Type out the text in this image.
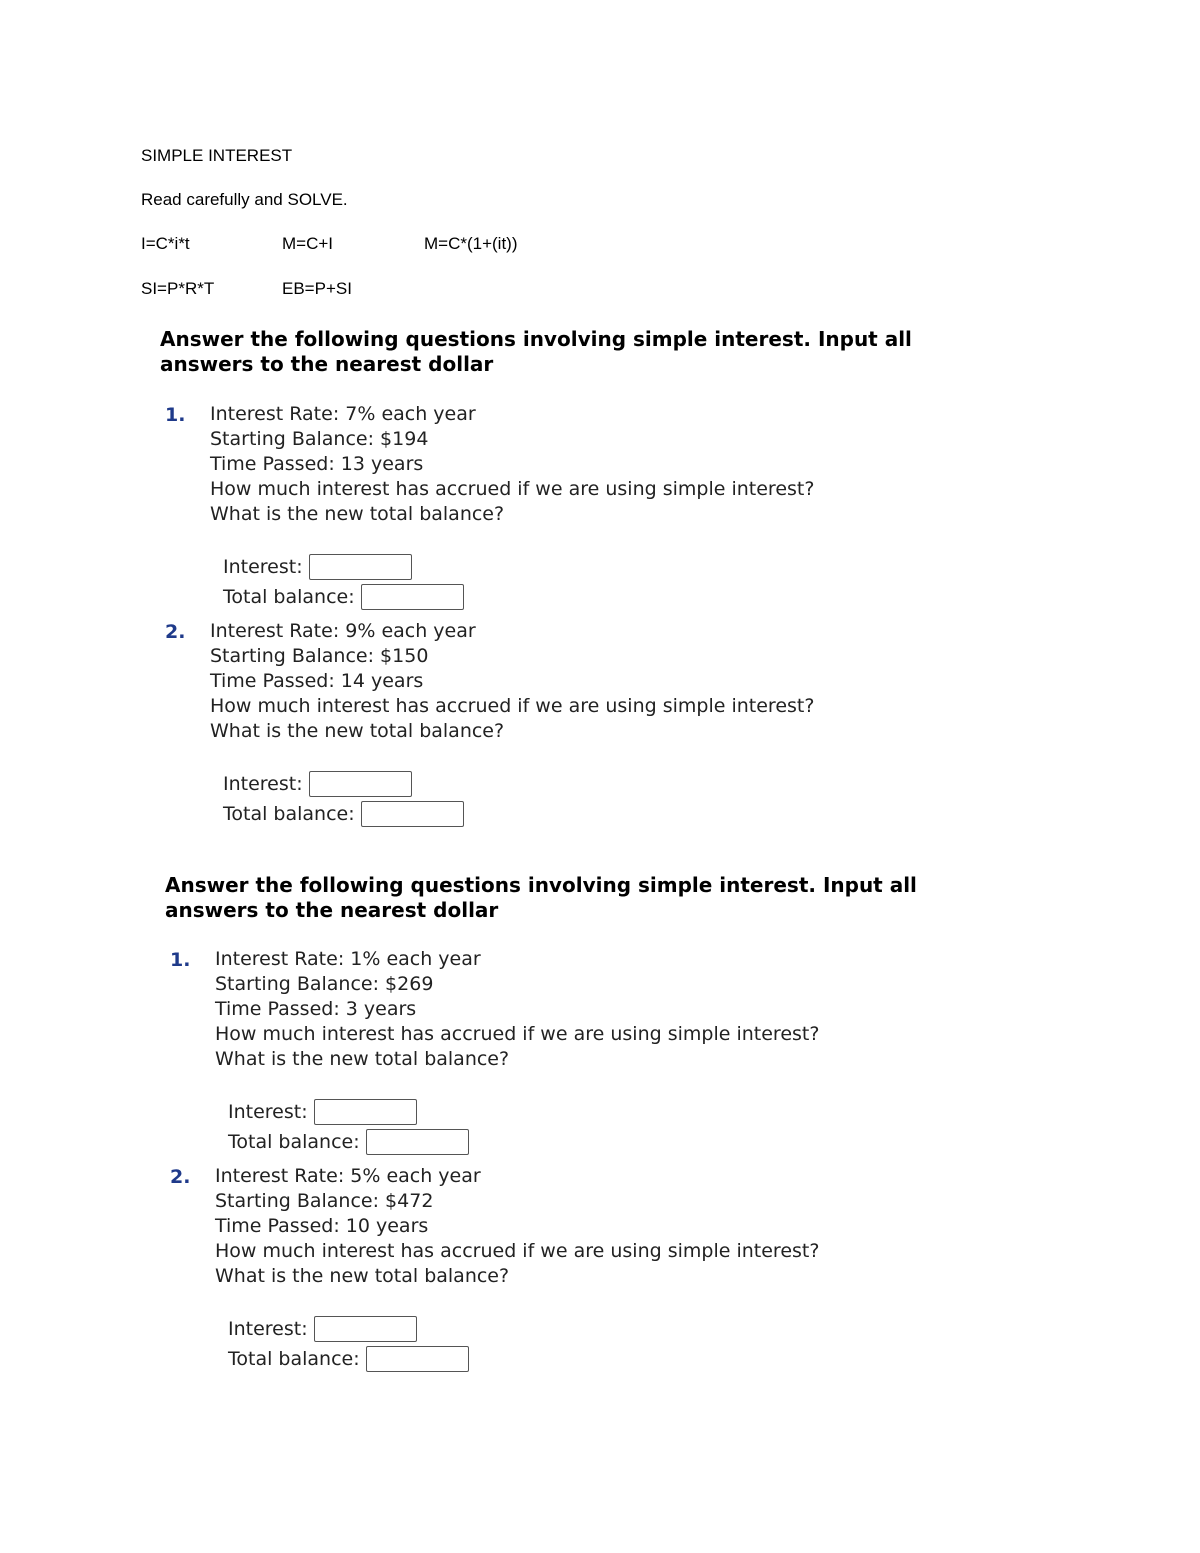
SIMPLE INTEREST
Read carefully and SOLVE.
I=C*i*t	M=C+I	M=C*(1+(it))
SI=P*R*T	EB=P+SI
Answer the following questions involving simple interest. Input all
answers to the nearest dollar
1. Interest Rate: 7% each year
Starting Balance: $194
Time Passed: 13 years
How much interest has accrued if we are using simple interest?
What is the new total balance?
Interest:
Total balance:
2. Interest Rate: 9% each year
Starting Balance: $150
Time Passed: 14 years
How much interest has accrued if we are using simple interest?
What is the new total balance?
Interest:
Total balance:
Answer the following questions involving simple interest. Input all
answers to the nearest dollar
1. Interest Rate: 1% each year
Starting Balance: $269
Time Passed: 3 years
How much interest has accrued if we are using simple interest?
What is the new total balance?
Interest:
Total balance:
2. Interest Rate: 5% each year
Starting Balance: $472
Time Passed: 10 years
How much interest has accrued if we are using simple interest?
What is the new total balance?
Interest:
Total balance:
